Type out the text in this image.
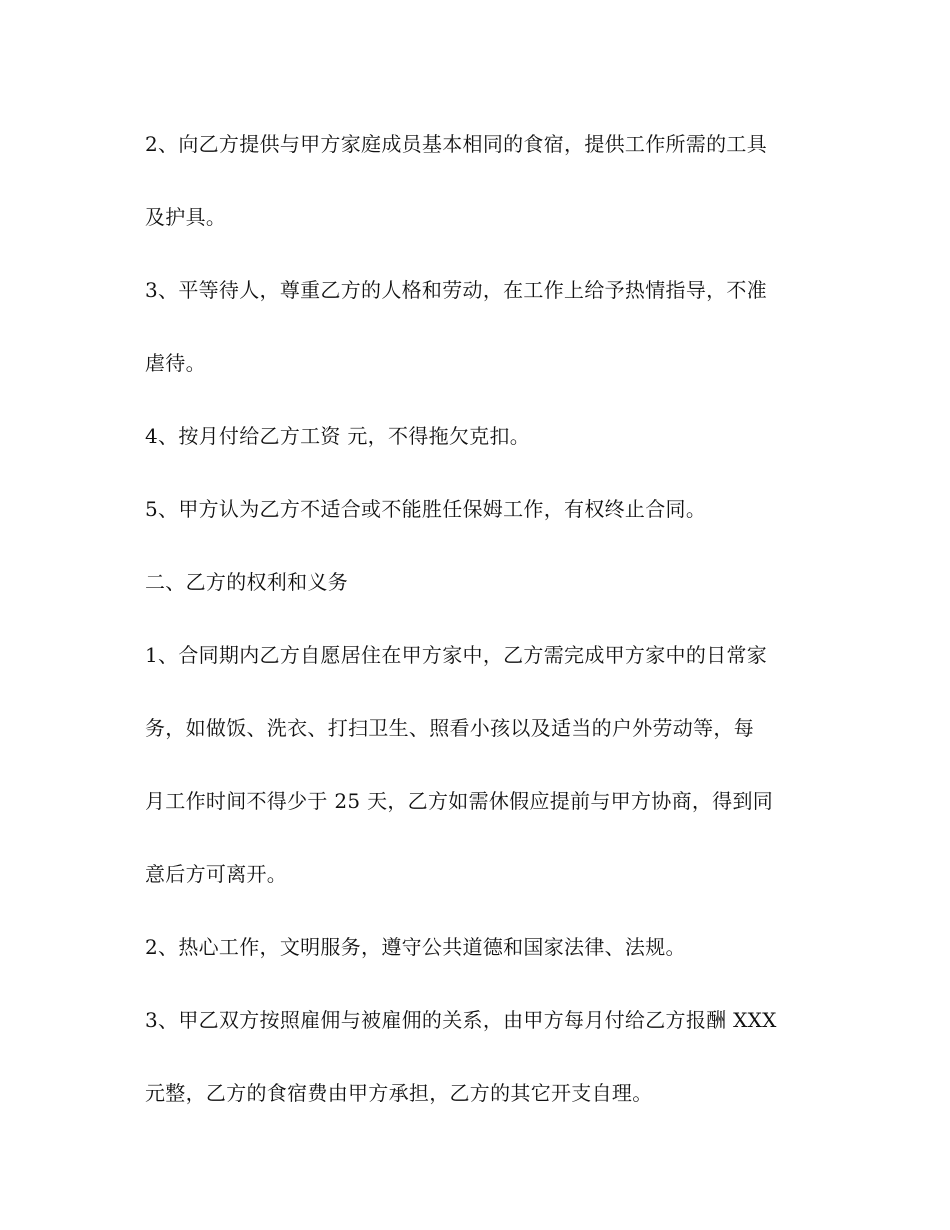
2、向乙方提供与甲方家庭成员基本相同的食宿，提供工作所需的工具
及护具。
3、平等待人，尊重乙方的人格和劳动，在工作上给予热情指导，不准
虐待。
4、按月付给乙方工资 元，不得拖欠克扣。
5、甲方认为乙方不适合或不能胜任保姆工作，有权终止合同。
二、乙方的权利和义务
1、合同期内乙方自愿居住在甲方家中，乙方需完成甲方家中的日常家
务，如做饭、洗衣、打扫卫生、照看小孩以及适当的户外劳动等，每
月工作时间不得少于 25 天，乙方如需休假应提前与甲方协商，得到同
意后方可离开。
2、热心工作，文明服务，遵守公共道德和国家法律、法规。
3、甲乙双方按照雇佣与被雇佣的关系，由甲方每月付给乙方报酬 XXX
元整，乙方的食宿费由甲方承担，乙方的其它开支自理。
